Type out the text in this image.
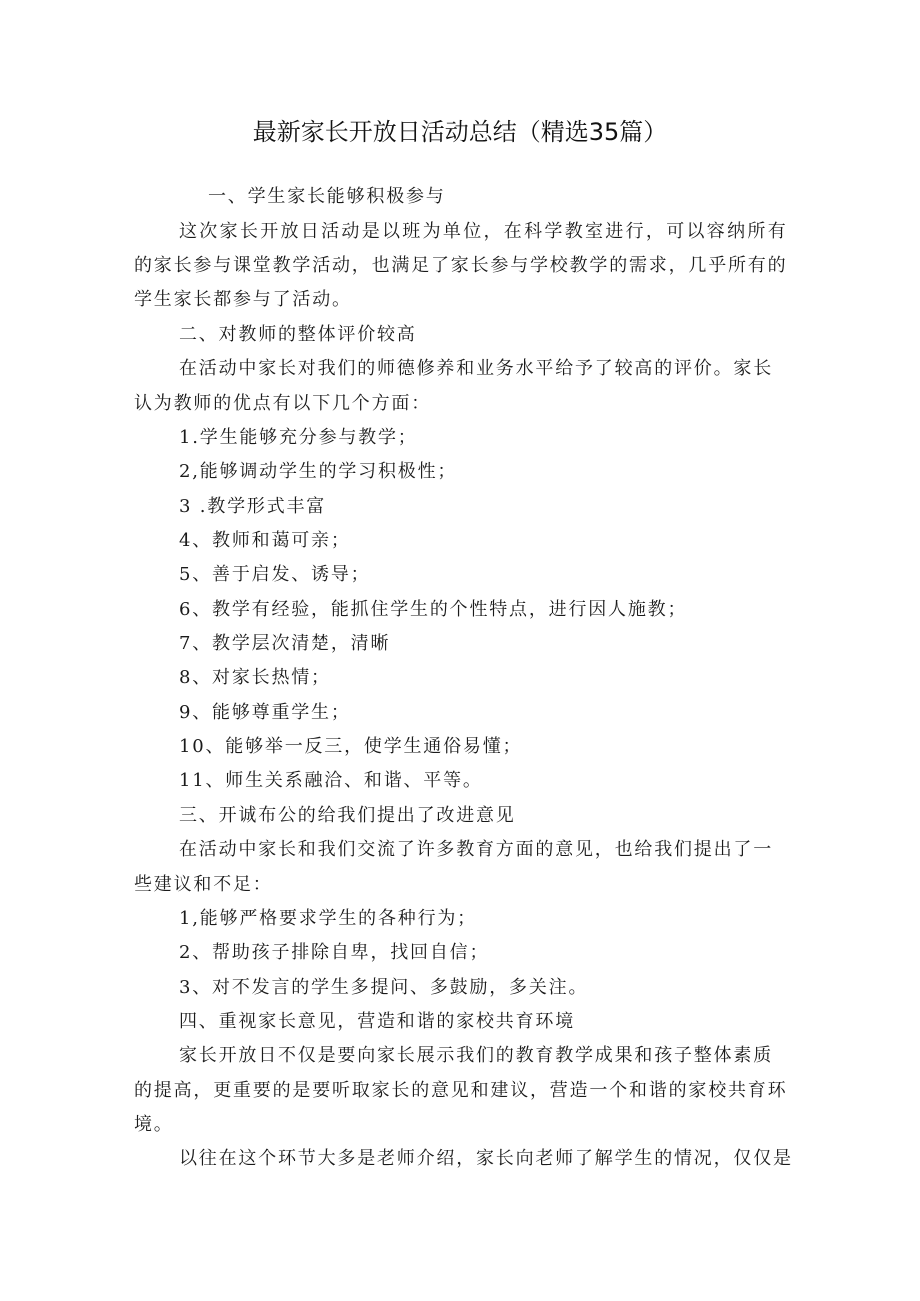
最新家长开放日活动总结（精选35篇）
一、学生家长能够积极参与
这次家长开放日活动是以班为单位，在科学教室进行，可以容纳所有
的家长参与课堂教学活动，也满足了家长参与学校教学的需求，几乎所有的
学生家长都参与了活动。
二、对教师的整体评价较高
在活动中家长对我们的师德修养和业务水平给予了较高的评价。家长
认为教师的优点有以下几个方面：
1.学生能够充分参与教学；
2,能够调动学生的学习积极性；
3 .教学形式丰富
4、教师和蔼可亲；
5、善于启发、诱导；
6、教学有经验，能抓住学生的个性特点，进行因人施教；
7、教学层次清楚，清晰
8、对家长热情；
9、能够尊重学生；
10、能够举一反三，使学生通俗易懂；
11、师生关系融洽、和谐、平等。
三、开诚布公的给我们提出了改进意见
在活动中家长和我们交流了许多教育方面的意见，也给我们提出了一
些建议和不足：
1,能够严格要求学生的各种行为；
2、帮助孩子排除自卑，找回自信；
3、对不发言的学生多提问、多鼓励，多关注。
四、重视家长意见，营造和谐的家校共育环境
家长开放日不仅是要向家长展示我们的教育教学成果和孩子整体素质
的提高，更重要的是要听取家长的意见和建议，营造一个和谐的家校共育环
境。
以往在这个环节大多是老师介绍，家长向老师了解学生的情况，仅仅是
